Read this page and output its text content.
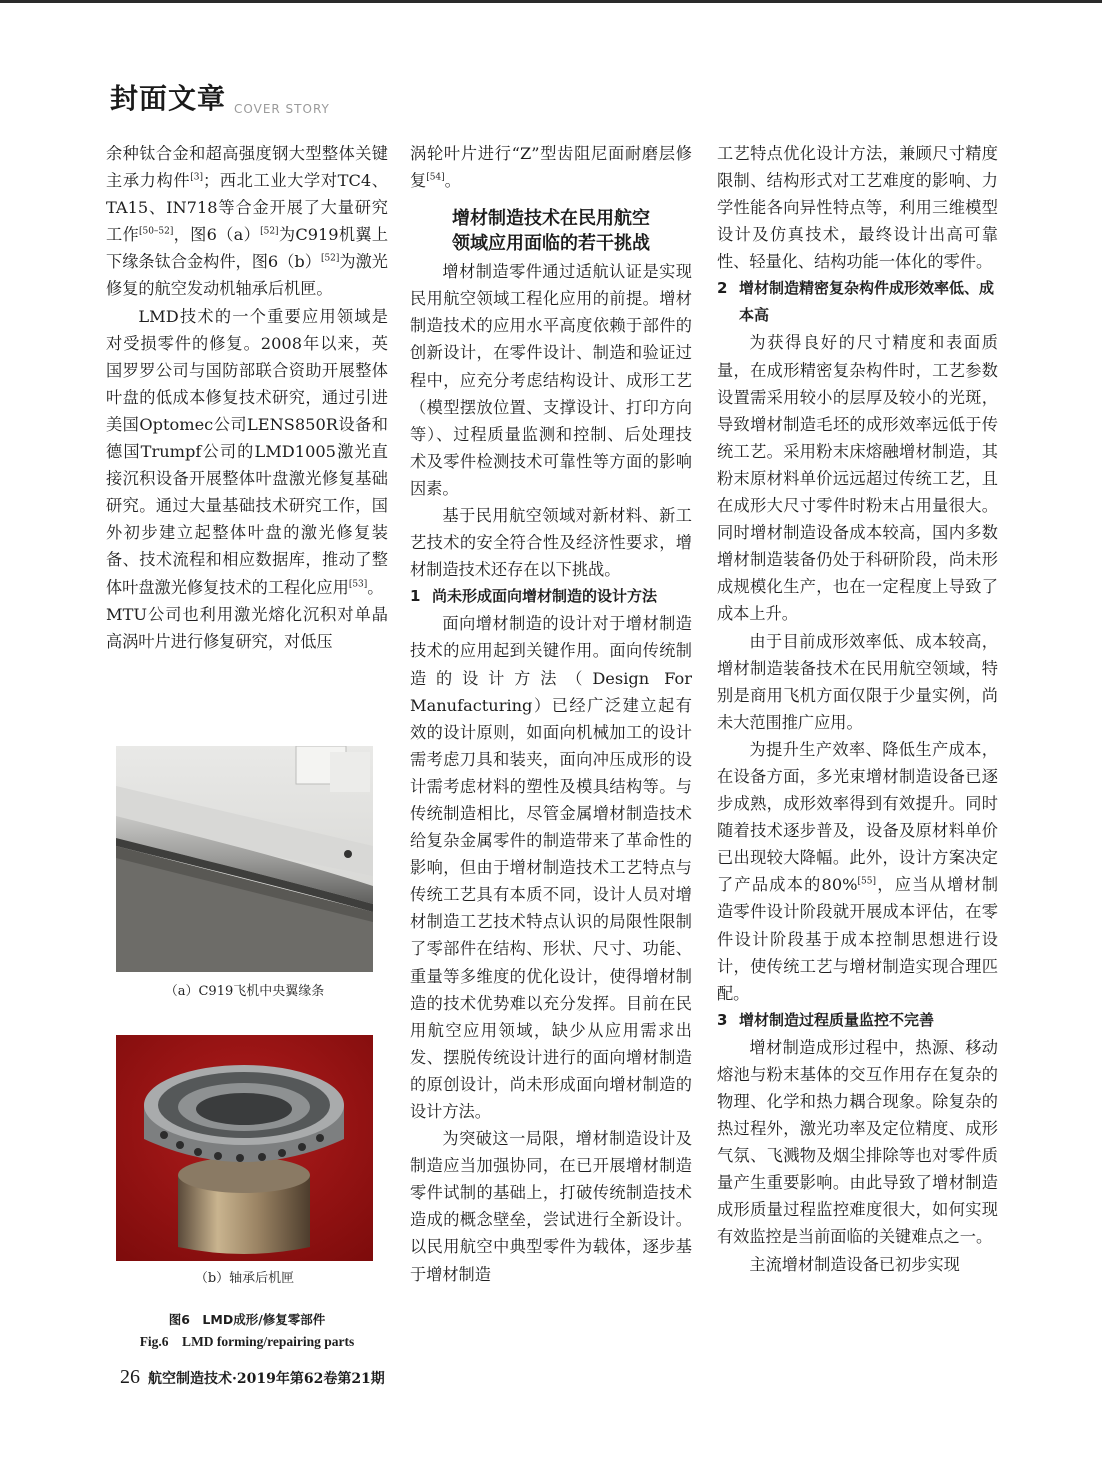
封面文章 COVER STORY

余种钛合金和超高强度钢大型整体关键主承力构件[3]；西北工业大学对TC4、TA15、IN718等合金开展了大量研究工作[50–52]，图6（a）[52]为C919机翼上下缘条钛合金构件，图6（b）[52]为激光修复的航空发动机轴承后机匣。

LMD技术的一个重要应用领域是对受损零件的修复。2008年以来，英国罗罗公司与国防部联合资助开展整体叶盘的低成本修复技术研究，通过引进美国Optomec公司LENS850R设备和德国Trumpf公司的LMD1005激光直接沉积设备开展整体叶盘激光修复基础研究。通过大量基础技术研究工作，国外初步建立起整体叶盘的激光修复装备、技术流程和相应数据库，推动了整体叶盘激光修复技术的工程化应用[53]。

MTU公司也利用激光熔化沉积对单晶高涡叶片进行修复研究，对低压

（a）C919飞机中央翼缘条
（b）轴承后机匣
图6　LMD成形/修复零部件
Fig.6　LMD forming/repairing parts

涡轮叶片进行“Z”型齿阻尼面耐磨层修复[54]。

增材制造技术在民用航空
领域应用面临的若干挑战

增材制造零件通过适航认证是实现民用航空领域工程化应用的前提。增材制造技术的应用水平高度依赖于部件的创新设计，在零件设计、制造和验证过程中，应充分考虑结构设计、成形工艺（模型摆放位置、支撑设计、打印方向等）、过程质量监测和控制、后处理技术及零件检测技术可靠性等方面的影响因素。

基于民用航空领域对新材料、新工艺技术的安全符合性及经济性要求，增材制造技术还存在以下挑战。

1 尚未形成面向增材制造的设计方法

面向增材制造的设计对于增材制造技术的应用起到关键作用。面向传统制造的设计方法（Design For Manufacturing）已经广泛建立起有效的设计原则，如面向机械加工的设计需考虑刀具和装夹，面向冲压成形的设计需考虑材料的塑性及模具结构等。与传统制造相比，尽管金属增材制造技术给复杂金属零件的制造带来了革命性的影响，但由于增材制造技术工艺特点与传统工艺具有本质不同，设计人员对增材制造工艺技术特点认识的局限性限制了零部件在结构、形状、尺寸、功能、重量等多维度的优化设计，使得增材制造的技术优势难以充分发挥。目前在民用航空应用领域，缺少从应用需求出发、摆脱传统设计进行的面向增材制造的原创设计，尚未形成面向增材制造的设计方法。

为突破这一局限，增材制造设计及制造应当加强协同，在已开展增材制造零件试制的基础上，打破传统制造技术造成的概念壁垒，尝试进行全新设计。以民用航空中典型零件为载体，逐步基于增材制造

工艺特点优化设计方法，兼顾尺寸精度限制、结构形式对工艺难度的影响、力学性能各向异性特点等，利用三维模型设计及仿真技术，最终设计出高可靠性、轻量化、结构功能一体化的零件。

2 增材制造精密复杂构件成形效率低、成本高

为获得良好的尺寸精度和表面质量，在成形精密复杂构件时，工艺参数设置需采用较小的层厚及较小的光斑，导致增材制造毛坯的成形效率远低于传统工艺。采用粉末床熔融增材制造，其粉末原材料单价远远超过传统工艺，且在成形大尺寸零件时粉末占用量很大。同时增材制造设备成本较高，国内多数增材制造装备仍处于科研阶段，尚未形成规模化生产，也在一定程度上导致了成本上升。

由于目前成形效率低、成本较高，增材制造装备技术在民用航空领域，特别是商用飞机方面仅限于少量实例，尚未大范围推广应用。

为提升生产效率、降低生产成本，在设备方面，多光束增材制造设备已逐步成熟，成形效率得到有效提升。同时随着技术逐步普及，设备及原材料单价已出现较大降幅。此外，设计方案决定了产品成本的80%[55]，应当从增材制造零件设计阶段就开展成本评估，在零件设计阶段基于成本控制思想进行设计，使传统工艺与增材制造实现合理匹配。

3 增材制造过程质量监控不完善

增材制造成形过程中，热源、移动熔池与粉末基体的交互作用存在复杂的物理、化学和热力耦合现象。除复杂的热过程外，激光功率及定位精度、成形气氛、飞溅物及烟尘排除等也对零件质量产生重要影响。由此导致了增材制造成形质量过程监控难度很大，如何实现有效监控是当前面临的关键难点之一。

主流增材制造设备已初步实现

26 航空制造技术·2019年第62卷第21期
